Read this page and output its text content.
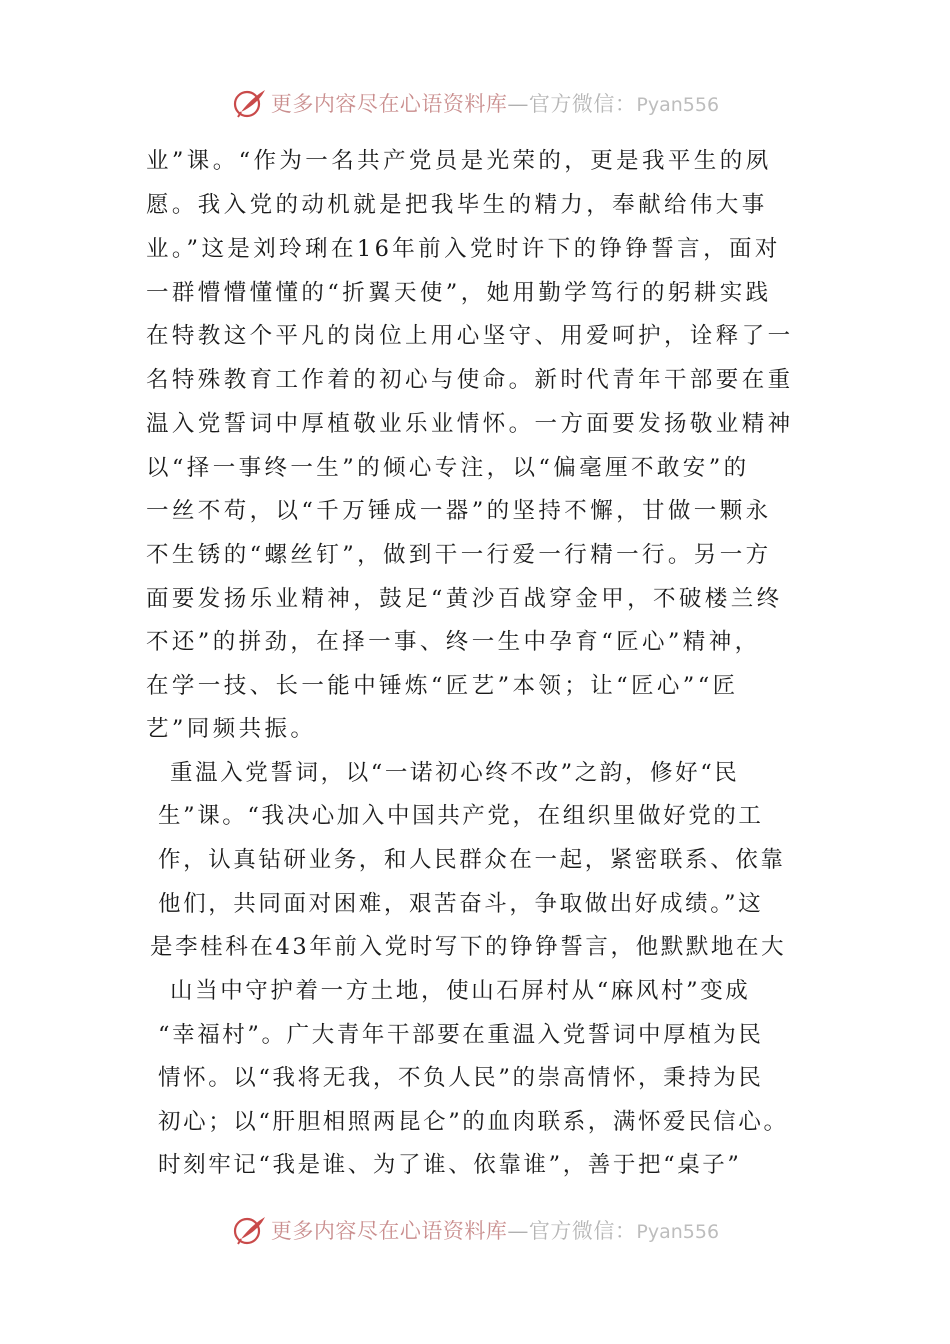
更多内容尽在心语资料库—官方微信：Pyan556
业”课。“作为一名共产党员是光荣的，更是我平生的夙
愿。我入党的动机就是把我毕生的精力，奉献给伟大事
业。”这是刘玲琍在16年前入党时许下的铮铮誓言，面对
一群懵懵懂懂的“折翼天使”，她用勤学笃行的躬耕实践
在特教这个平凡的岗位上用心坚守、用爱呵护，诠释了一
名特殊教育工作着的初心与使命。新时代青年干部要在重
温入党誓词中厚植敬业乐业情怀。一方面要发扬敬业精神
以“择一事终一生”的倾心专注，以“偏毫厘不敢安”的
一丝不苟，以“千万锤成一器”的坚持不懈，甘做一颗永
不生锈的“螺丝钉”，做到干一行爱一行精一行。另一方
面要发扬乐业精神，鼓足“黄沙百战穿金甲，不破楼兰终
不还”的拼劲，在择一事、终一生中孕育“匠心”精神，
在学一技、长一能中锤炼“匠艺”本领；让“匠心”“匠
艺”同频共振。
重温入党誓词，以“一诺初心终不改”之韵，修好“民
生”课。“我决心加入中国共产党，在组织里做好党的工
作，认真钻研业务，和人民群众在一起，紧密联系、依靠
他们，共同面对困难，艰苦奋斗，争取做出好成绩。”这
是李桂科在43年前入党时写下的铮铮誓言，他默默地在大
山当中守护着一方土地，使山石屏村从“麻风村”变成
“幸福村”。广大青年干部要在重温入党誓词中厚植为民
情怀。以“我将无我，不负人民”的崇高情怀，秉持为民
初心；以“肝胆相照两昆仑”的血肉联系，满怀爱民信心。
时刻牢记“我是谁、为了谁、依靠谁”，善于把“桌子”
更多内容尽在心语资料库—官方微信：Pyan556
